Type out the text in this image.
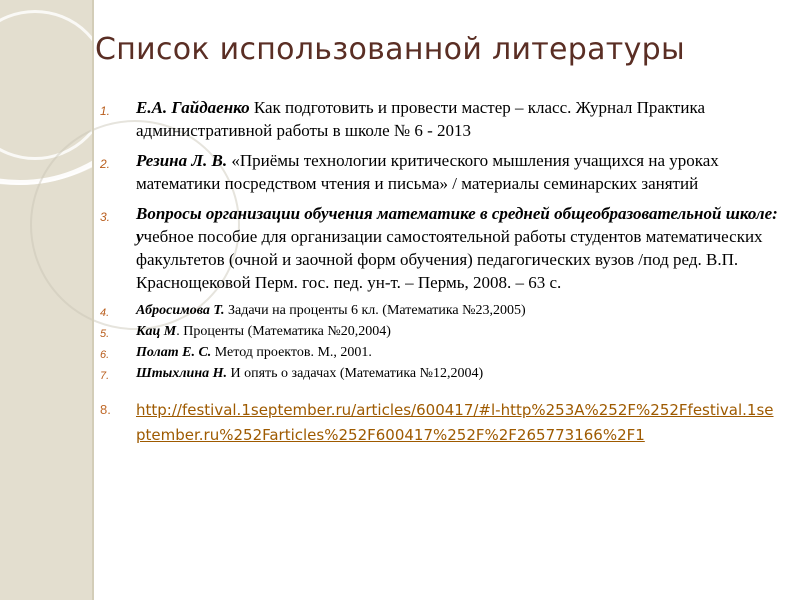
Список использованной литературы
1. Е.А. Гайдаенко Как подготовить и провести мастер – класс. Журнал Практика административной работы в школе № 6 - 2013
2. Резина Л. В. «Приёмы технологии критического мышления учащихся на уроках математики посредством чтения и письма» / материалы семинарских занятий
3. Вопросы организации обучения математике в средней общеобразовательной школе: учебное пособие для организации самостоятельной работы студентов математических факультетов (очной и заочной форм обучения) педагогических вузов /под ред. В.П. Краснощековой Перм. гос. пед. ун-т. – Пермь, 2008. – 63 с.
4. Абросимова Т. Задачи на проценты 6 кл. (Математика №23,2005)
5. Кац М. Проценты (Математика №20,2004)
6. Полат Е. С. Метод проектов. М., 2001.
7. Штыхлина Н. И опять о задачах (Математика №12,2004)
8. http://festival.1september.ru/articles/600417/#l-http%253A%252F%252Ffestival.1september.ru%252Farticles%252F600417%252F%2F265773166%2F1
